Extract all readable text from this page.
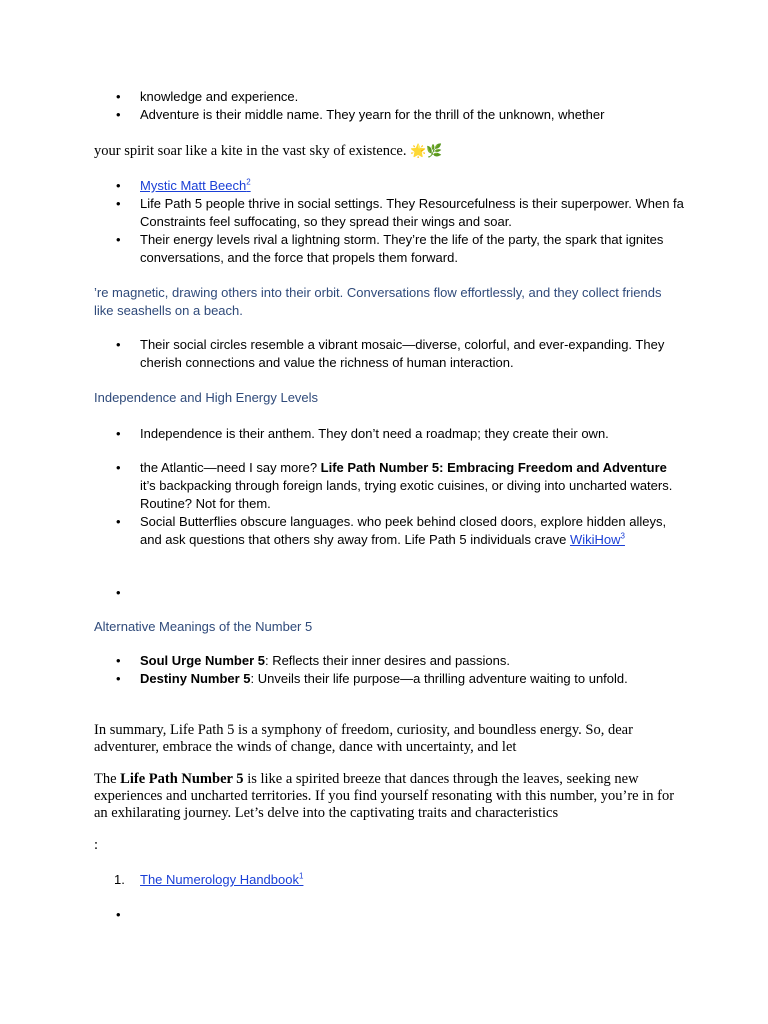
• knowledge and experience.
• Adventure is their middle name. They yearn for the thrill of the unknown, whether
your spirit soar like a kite in the vast sky of existence. 🌟🌿
• Mystic Matt Beech$^2$
• Life Path 5 people thrive in social settings. They Resourcefulness is their superpower. When fa Constraints feel suffocating, so they spread their wings and soar.
• Their energy levels rival a lightning storm. They’re the life of the party, the spark that ignites conversations, and the force that propels them forward.
’re magnetic, drawing others into their orbit. Conversations flow effortlessly, and they collect friends like seashells on a beach.
• Their social circles resemble a vibrant mosaic—diverse, colorful, and ever-expanding. They cherish connections and value the richness of human interaction.
Independence and High Energy Levels
• Independence is their anthem. They don’t need a roadmap; they create their own.
• the Atlantic—need I say more? Life Path Number 5: Embracing Freedom and Adventure it’s backpacking through foreign lands, trying exotic cuisines, or diving into uncharted waters. Routine? Not for them.
• Social Butterflies obscure languages. who peek behind closed doors, explore hidden alleys, and ask questions that others shy away from. Life Path 5 individuals crave WikiHow$^3$
•
Alternative Meanings of the Number 5
• Soul Urge Number 5: Reflects their inner desires and passions.
• Destiny Number 5: Unveils their life purpose—a thrilling adventure waiting to unfold.
In summary, Life Path 5 is a symphony of freedom, curiosity, and boundless energy. So, dear adventurer, embrace the winds of change, dance with uncertainty, and let
The Life Path Number 5 is like a spirited breeze that dances through the leaves, seeking new experiences and uncharted territories. If you find yourself resonating with this number, you’re in for an exhilarating journey. Let’s delve into the captivating traits and characteristics
:
1. The Numerology Handbook$^1$
•
